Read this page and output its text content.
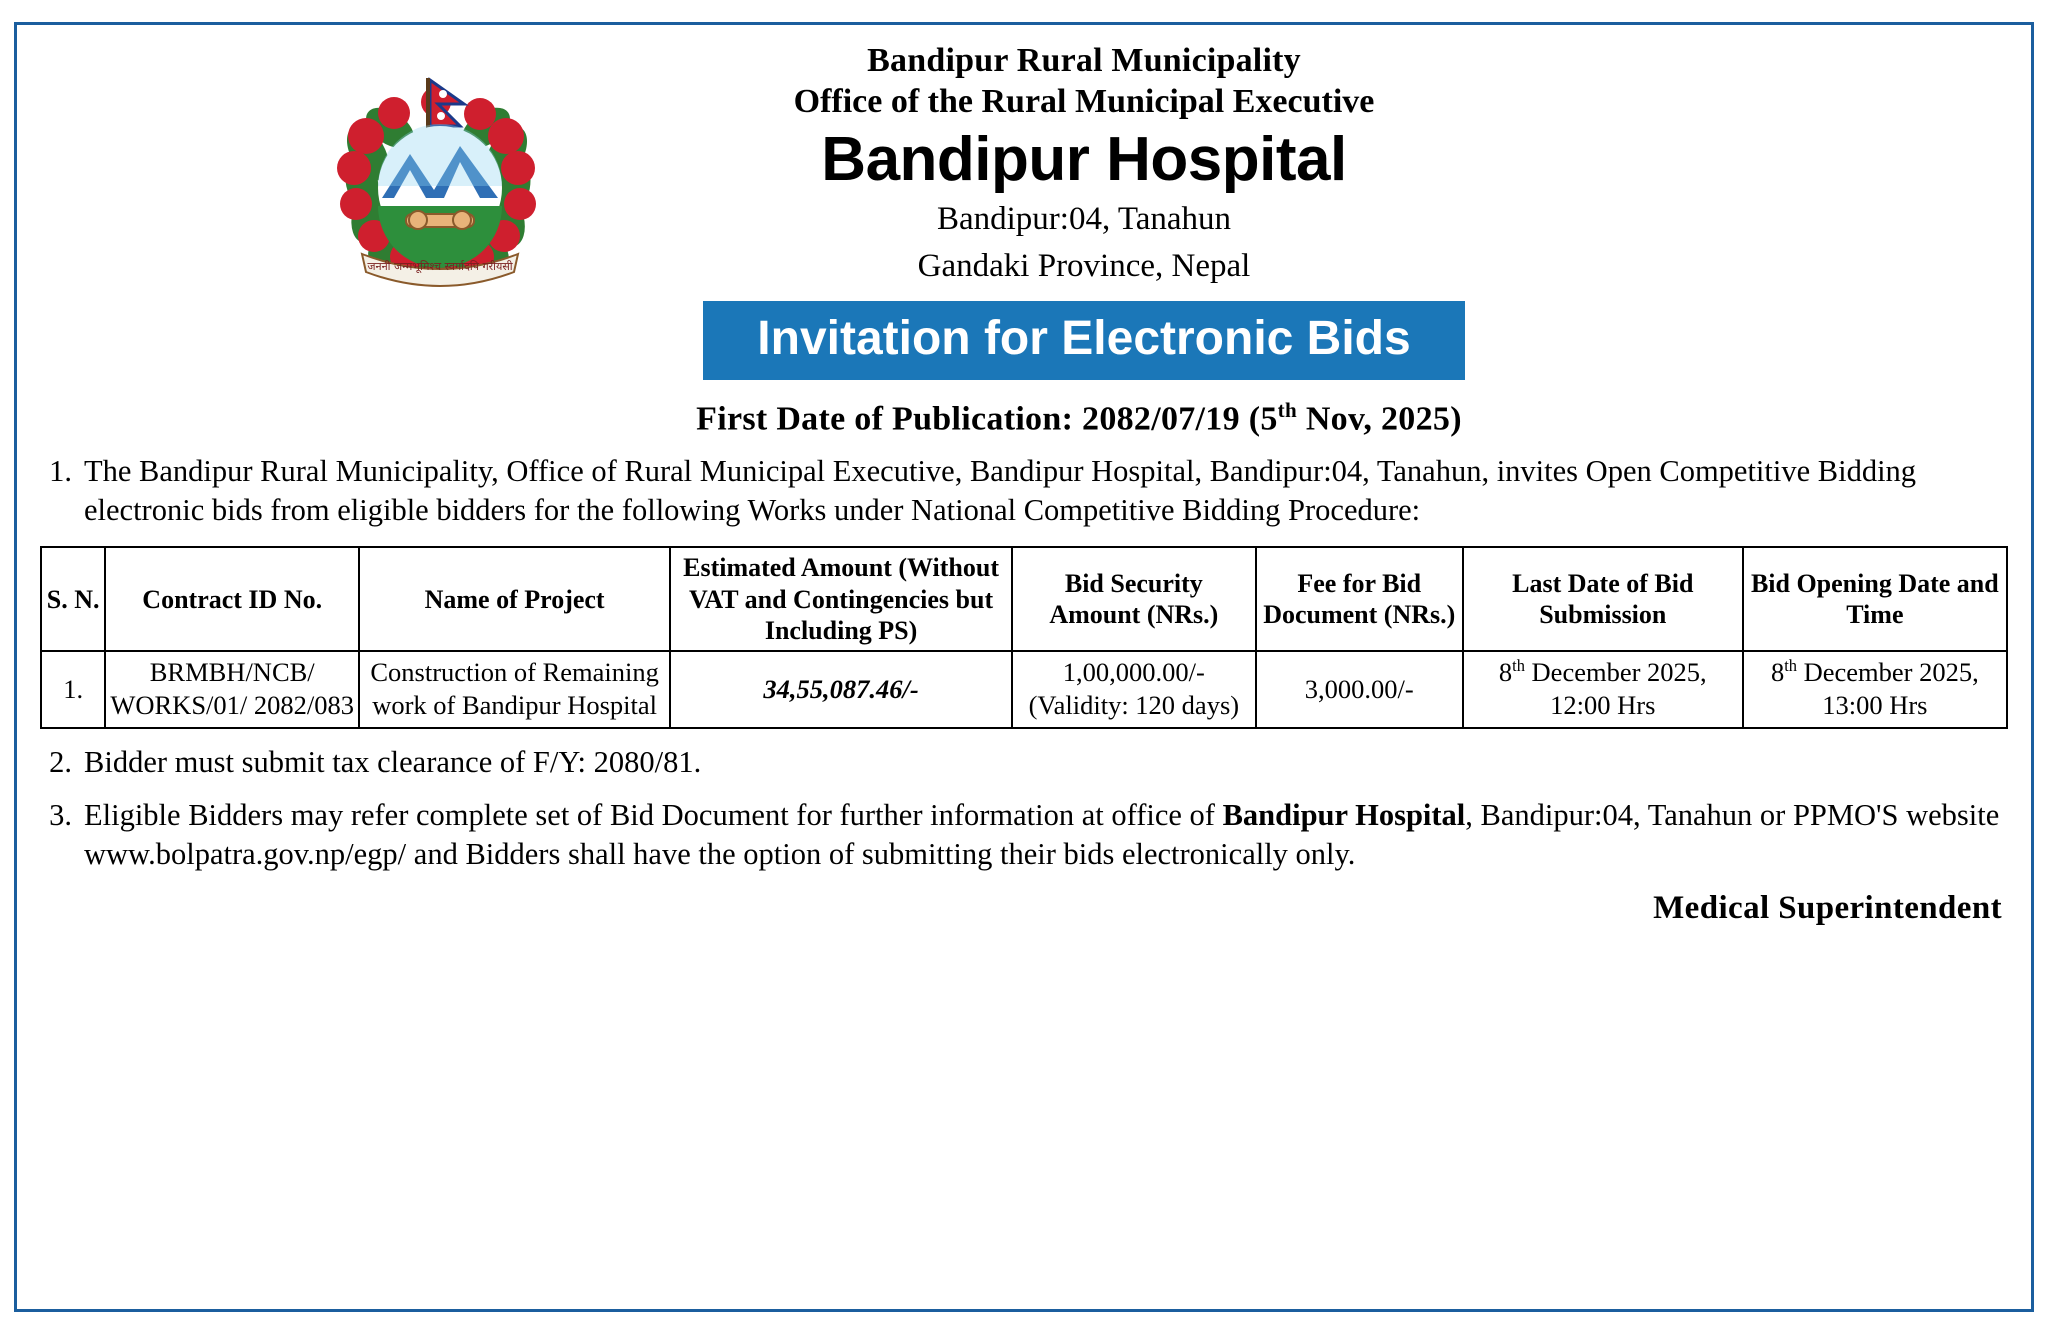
जननी जन्मभूमिश्च स्वर्गादपि गरीयसी
Bandipur Rural Municipality
Office of the Rural Municipal Executive
Bandipur Hospital
Bandipur:04, Tanahun
Gandaki Province, Nepal
Invitation for Electronic Bids
First Date of Publication: 2082/07/19 (5th Nov, 2025)
1. The Bandipur Rural Municipality, Office of Rural Municipal Executive, Bandipur Hospital, Bandipur:04, Tanahun, invites Open Competitive Bidding electronic bids from eligible bidders for the following Works under National Competitive Bidding Procedure:
S. N.	Contract ID No.	Name of Project	Estimated Amount (Without VAT and Contingencies but Including PS)	Bid Security Amount (NRs.)	Fee for Bid Document (NRs.)	Last Date of Bid Submission	Bid Opening Date and Time
1.	BRMBH/NCB/ WORKS/01/ 2082/083	Construction of Remaining work of Bandipur Hospital	34,55,087.46/-	1,00,000.00/- (Validity: 120 days)	3,000.00/-	8th December 2025, 12:00 Hrs	8th December 2025, 13:00 Hrs
2. Bidder must submit tax clearance of F/Y: 2080/81.
3. Eligible Bidders may refer complete set of Bid Document for further information at office of Bandipur Hospital, Bandipur:04, Tanahun or PPMO'S website www.bolpatra.gov.np/egp/ and Bidders shall have the option of submitting their bids electronically only.
Medical Superintendent
